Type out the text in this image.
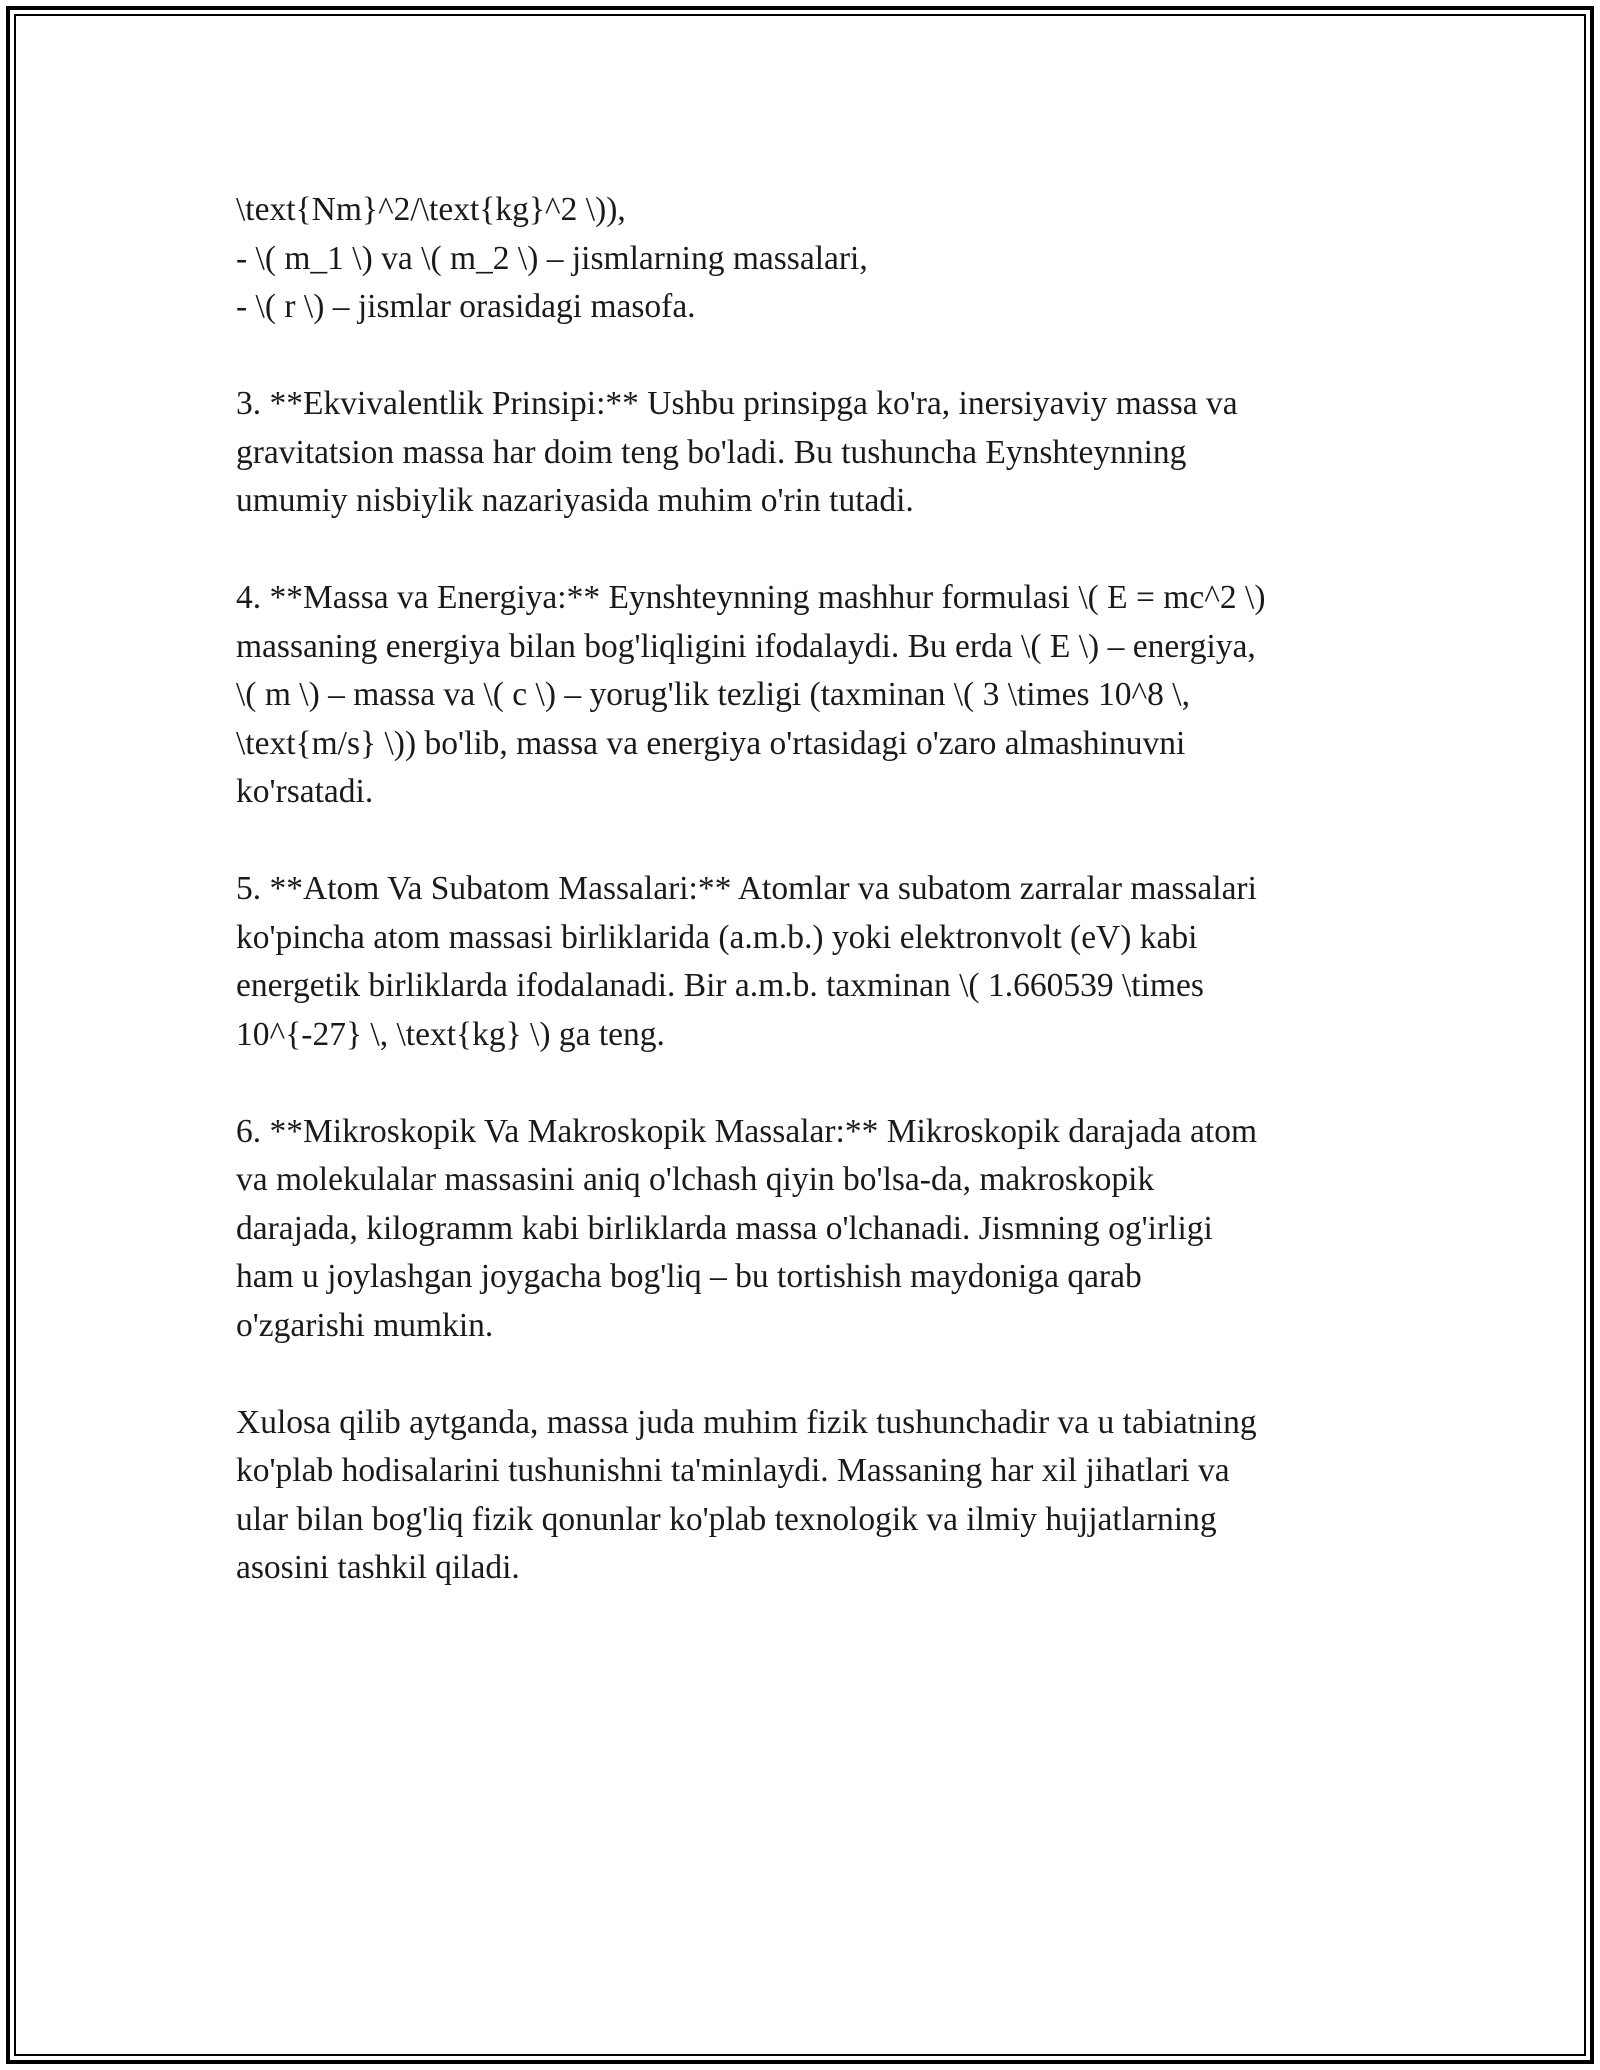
\text{Nm}^2/\text{kg}^2 \)),
- \( m_1 \) va \( m_2 \) – jismlarning massalari,
- \( r \) – jismlar orasidagi masofa.

3. **Ekvivalentlik Prinsipi:** Ushbu prinsipga ko'ra, inersiyaviy massa va
gravitatsion massa har doim teng bo'ladi. Bu tushuncha Eynshteynning
umumiy nisbiylik nazariyasida muhim o'rin tutadi.

4. **Massa va Energiya:** Eynshteynning mashhur formulasi \( E = mc^2 \)
massaning energiya bilan bog'liqligini ifodalaydi. Bu erda \( E \) – energiya,
\( m \) – massa va \( c \) – yorug'lik tezligi (taxminan \( 3 \times 10^8 \,
\text{m/s} \)) bo'lib, massa va energiya o'rtasidagi o'zaro almashinuvni
ko'rsatadi.

5. **Atom Va Subatom Massalari:** Atomlar va subatom zarralar massalari
ko'pincha atom massasi birliklarida (a.m.b.) yoki elektronvolt (eV) kabi
energetik birliklarda ifodalanadi. Bir a.m.b. taxminan \( 1.660539 \times
10^{-27} \, \text{kg} \) ga teng.

6. **Mikroskopik Va Makroskopik Massalar:** Mikroskopik darajada atom
va molekulalar massasini aniq o'lchash qiyin bo'lsa-da, makroskopik
darajada, kilogramm kabi birliklarda massa o'lchanadi. Jismning og'irligi
ham u joylashgan joygacha bog'liq – bu tortishish maydoniga qarab
o'zgarishi mumkin.

Xulosa qilib aytganda, massa juda muhim fizik tushunchadir va u tabiatning
ko'plab hodisalarini tushunishni ta'minlaydi. Massaning har xil jihatlari va
ular bilan bog'liq fizik qonunlar ko'plab texnologik va ilmiy hujjatlarning
asosini tashkil qiladi.
